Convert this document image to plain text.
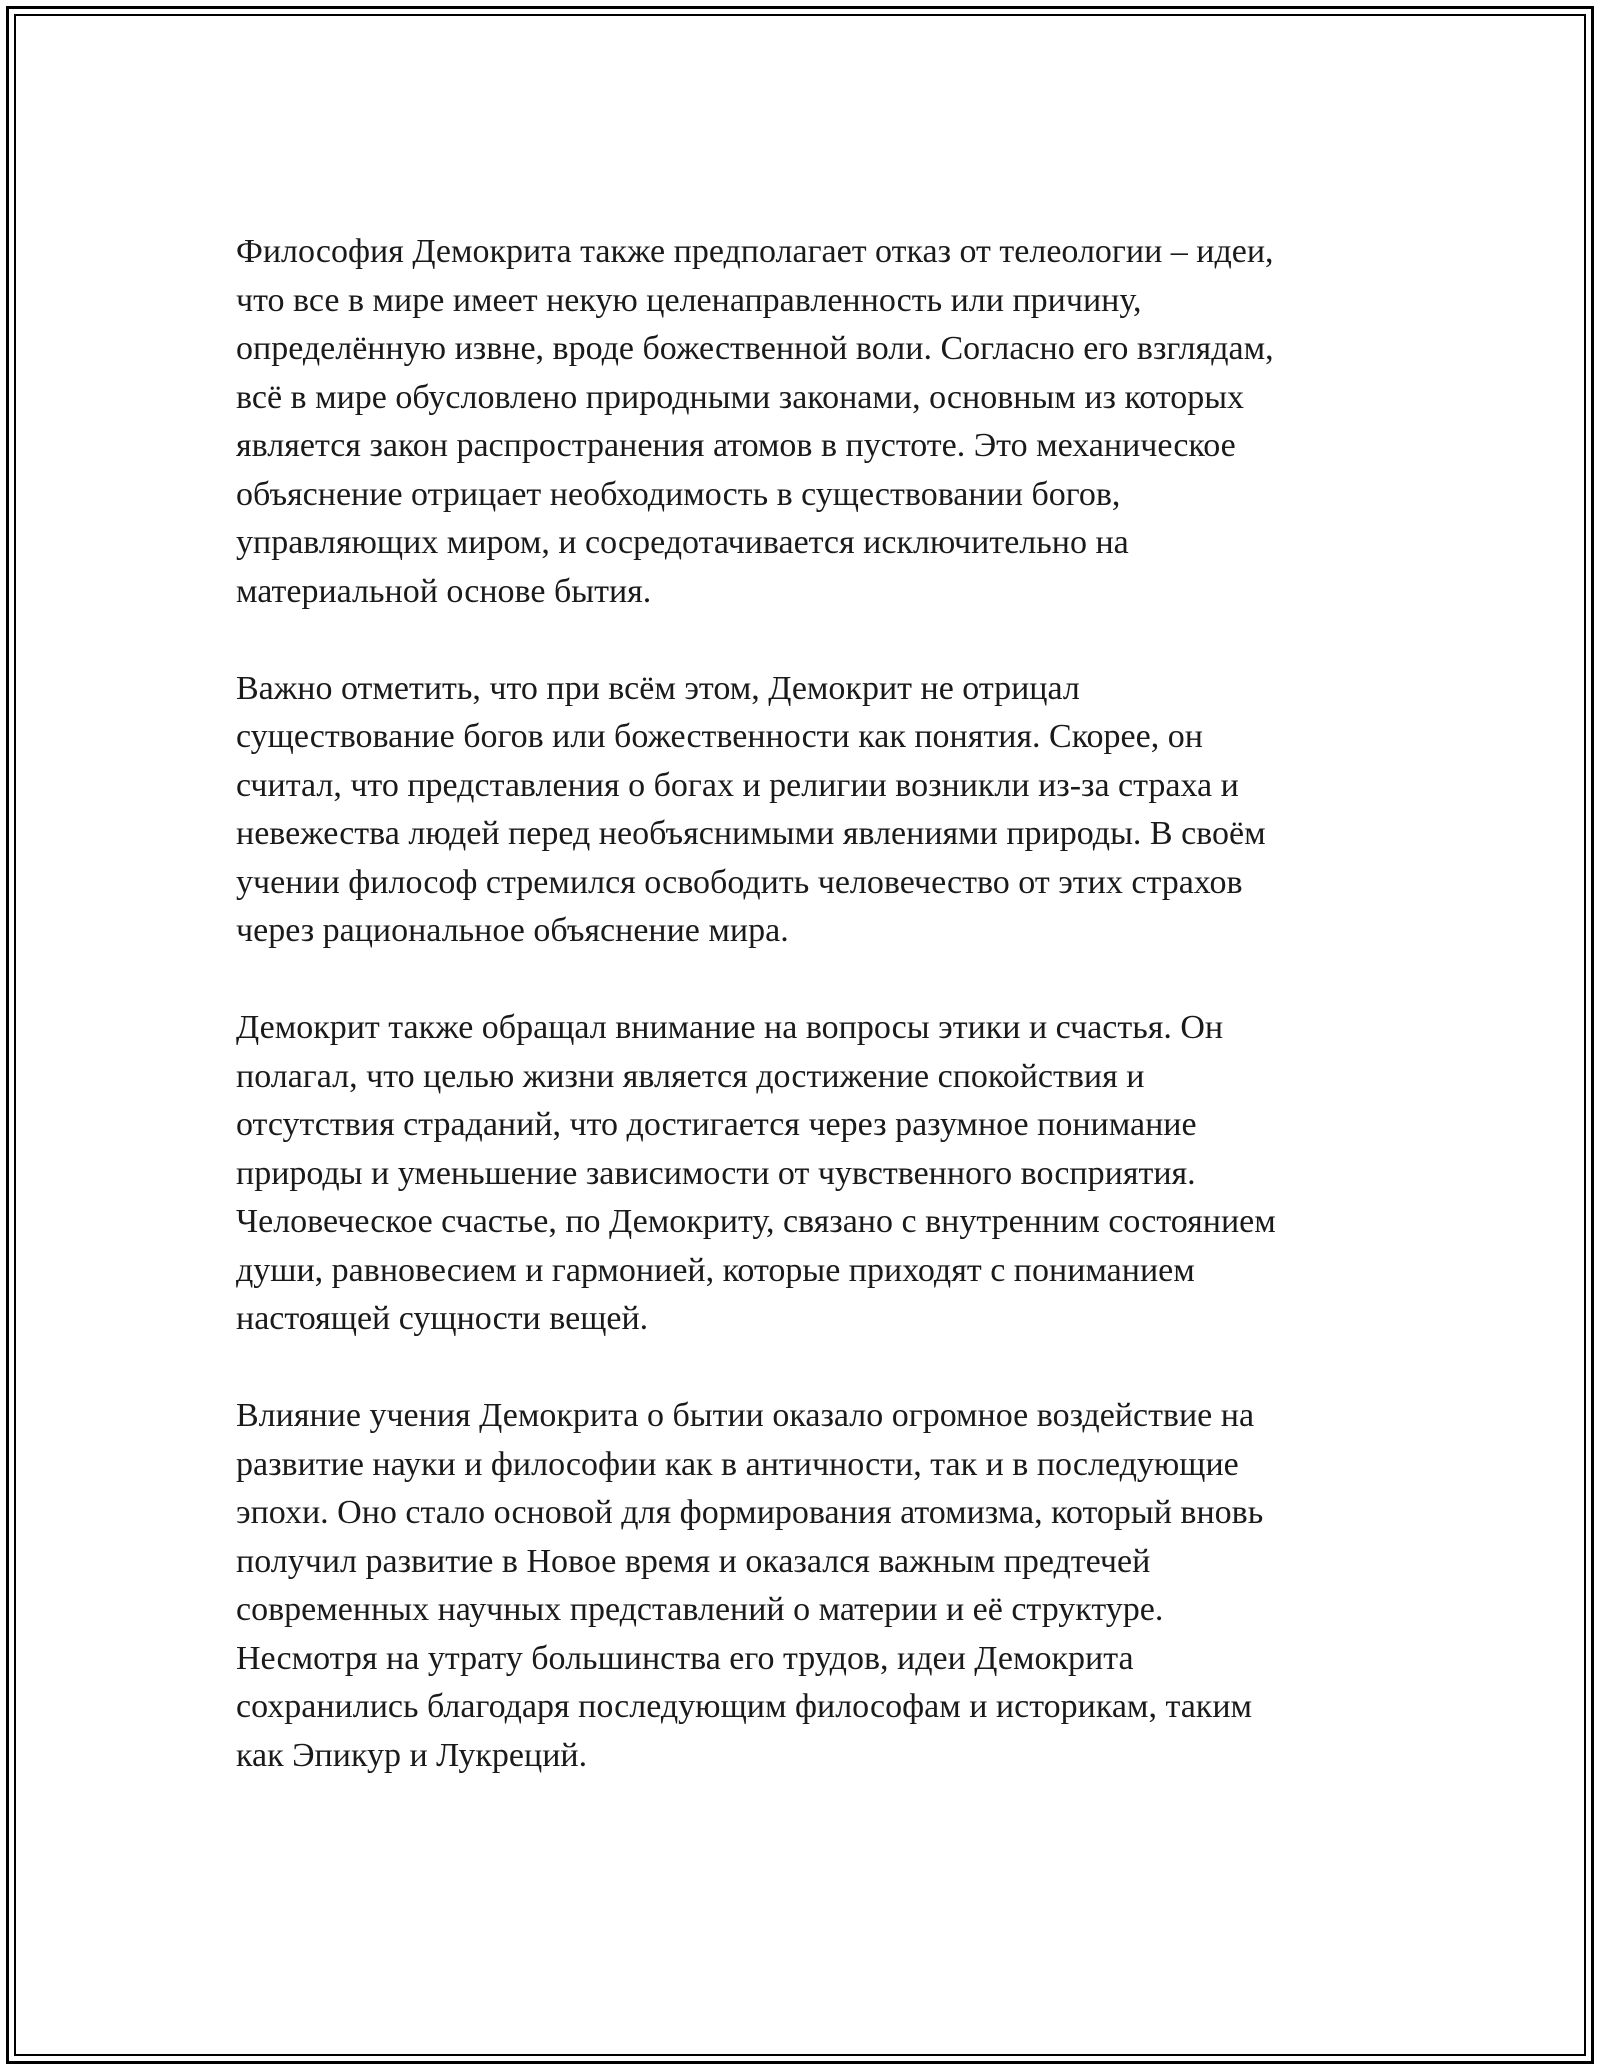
Философия Демокрита также предполагает отказ от телеологии – идеи,
что все в мире имеет некую целенаправленность или причину,
определённую извне, вроде божественной воли. Согласно его взглядам,
всё в мире обусловлено природными законами, основным из которых
является закон распространения атомов в пустоте. Это механическое
объяснение отрицает необходимость в существовании богов,
управляющих миром, и сосредотачивается исключительно на
материальной основе бытия.

Важно отметить, что при всём этом, Демокрит не отрицал
существование богов или божественности как понятия. Скорее, он
считал, что представления о богах и религии возникли из-за страха и
невежества людей перед необъяснимыми явлениями природы. В своём
учении философ стремился освободить человечество от этих страхов
через рациональное объяснение мира.

Демокрит также обращал внимание на вопросы этики и счастья. Он
полагал, что целью жизни является достижение спокойствия и
отсутствия страданий, что достигается через разумное понимание
природы и уменьшение зависимости от чувственного восприятия.
Человеческое счастье, по Демокриту, связано с внутренним состоянием
души, равновесием и гармонией, которые приходят с пониманием
настоящей сущности вещей.

Влияние учения Демокрита о бытии оказало огромное воздействие на
развитие науки и философии как в античности, так и в последующие
эпохи. Оно стало основой для формирования атомизма, который вновь
получил развитие в Новое время и оказался важным предтечей
современных научных представлений о материи и её структуре.
Несмотря на утрату большинства его трудов, идеи Демокрита
сохранились благодаря последующим философам и историкам, таким
как Эпикур и Лукреций.
